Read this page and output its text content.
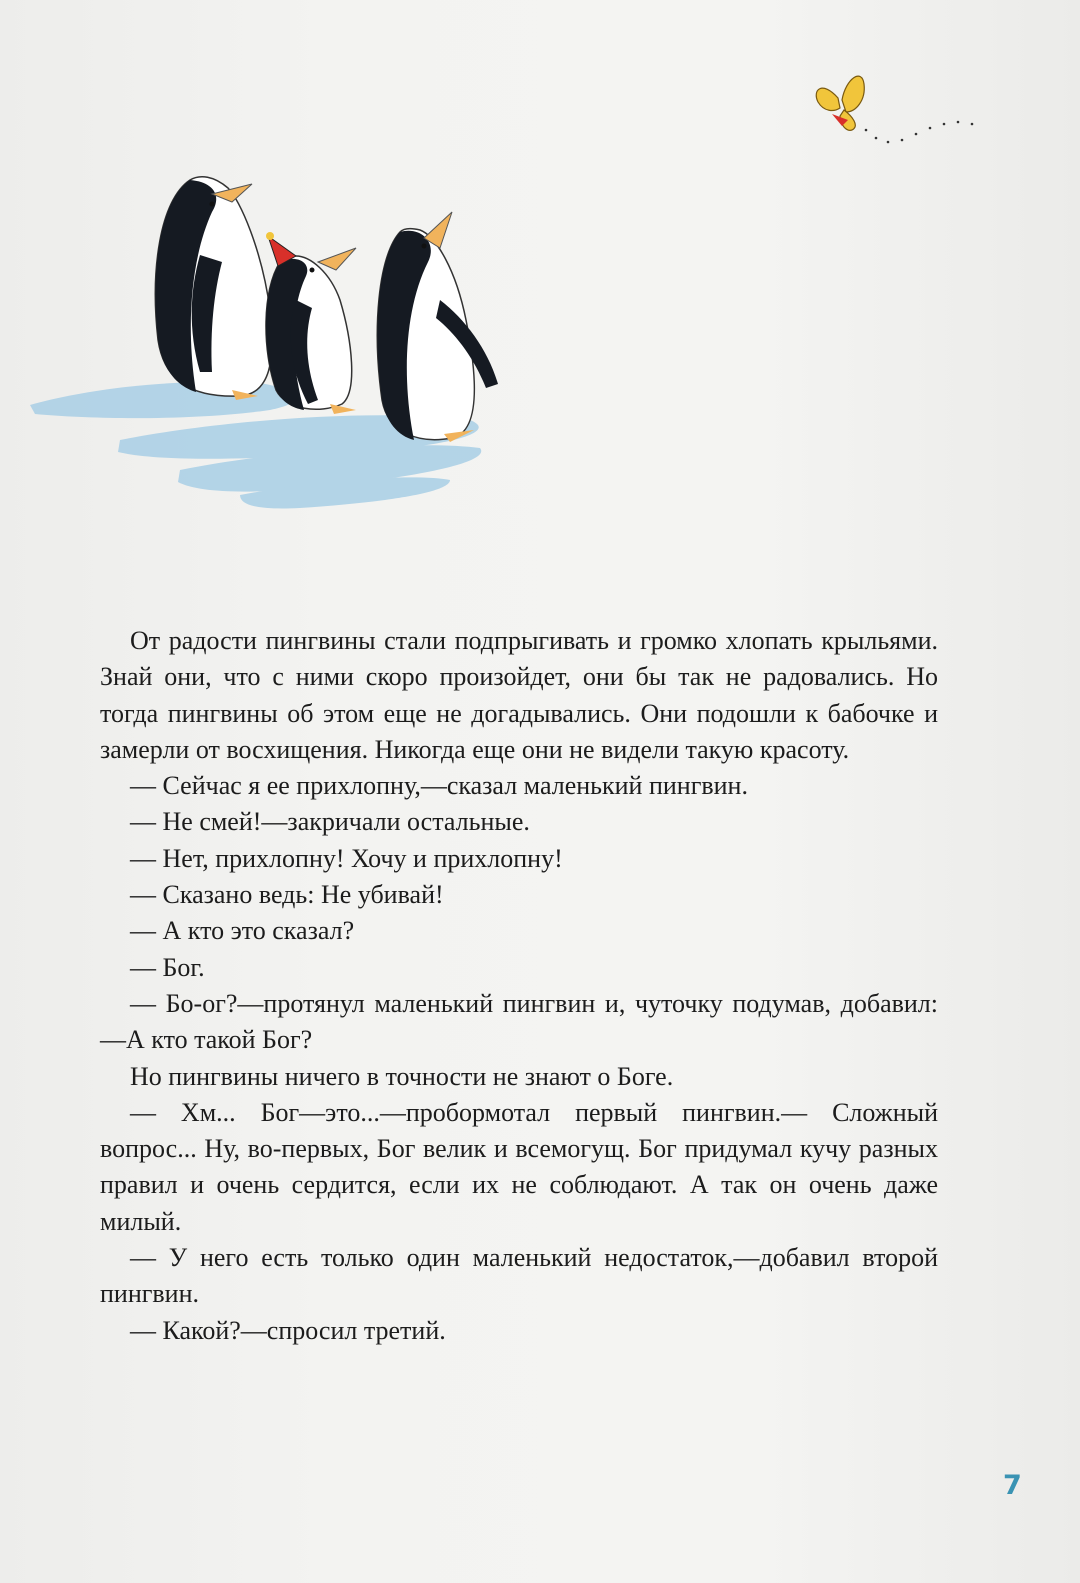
От радости пингвины стали подпрыгивать и громко хлопать крыльями. Знай они, что с ними скоро произойдет, они бы так не радовались. Но тогда пингвины об этом еще не догадывались. Они подошли к бабочке и замерли от восхищения. Никогда еще они не видели такую красоту.

— Сейчас я ее прихлопну,—сказал маленький пингвин.

— Не смей!—закричали остальные.

— Нет, прихлопну! Хочу и прихлопну!

— Сказано ведь: Не убивай!

— А кто это сказал?

— Бог.

— Бо-ог?—протянул маленький пингвин и, чуточку подумав, добавил:—А кто такой Бог?

Но пингвины ничего в точности не знают о Боге.

— Хм... Бог—это...—пробормотал первый пингвин.— Сложный вопрос... Ну, во-первых, Бог велик и всемогущ. Бог придумал кучу разных правил и очень сердится, если их не соблюдают. А так он очень даже милый.

— У него есть только один маленький недостаток,—добавил второй пингвин.

— Какой?—спросил третий.

7
